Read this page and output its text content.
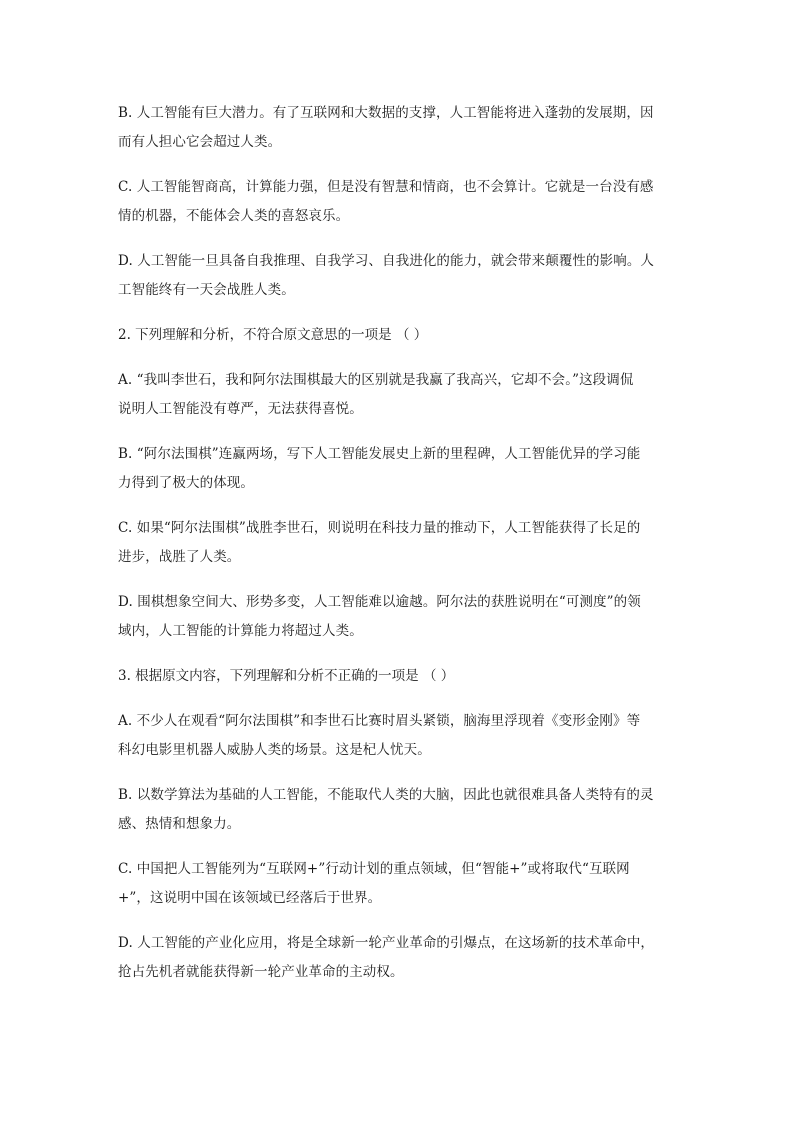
B. 人工智能有巨大潜力。有了互联网和大数据的支撑，人工智能将进入蓬勃的发展期，因
而有人担心它会超过人类。

C. 人工智能智商高，计算能力强，但是没有智慧和情商，也不会算计。它就是一台没有感
情的机器，不能体会人类的喜怒哀乐。

D. 人工智能一旦具备自我推理、自我学习、自我进化的能力，就会带来颠覆性的影响。人
工智能终有一天会战胜人类。

2. 下列理解和分析，不符合原文意思的一项是 （ ）

A. “我叫李世石，我和阿尔法围棋最大的区别就是我赢了我高兴，它却不会。”这段调侃
说明人工智能没有尊严，无法获得喜悦。

B. “阿尔法围棋”连赢两场，写下人工智能发展史上新的里程碑，人工智能优异的学习能
力得到了极大的体现。

C. 如果“阿尔法围棋”战胜李世石，则说明在科技力量的推动下，人工智能获得了长足的
进步，战胜了人类。

D. 围棋想象空间大、形势多变，人工智能难以逾越。阿尔法的获胜说明在“可测度”的领
域内，人工智能的计算能力将超过人类。

3. 根据原文内容，下列理解和分析不正确的一项是 （ ）

A. 不少人在观看“阿尔法围棋”和李世石比赛时眉头紧锁，脑海里浮现着《变形金刚》等
科幻电影里机器人威胁人类的场景。这是杞人忧天。

B. 以数学算法为基础的人工智能，不能取代人类的大脑，因此也就很难具备人类特有的灵
感、热情和想象力。

C. 中国把人工智能列为“互联网+”行动计划的重点领域，但“智能+”或将取代“互联网
+”，这说明中国在该领域已经落后于世界。

D. 人工智能的产业化应用，将是全球新一轮产业革命的引爆点，在这场新的技术革命中，
抢占先机者就能获得新一轮产业革命的主动权。
